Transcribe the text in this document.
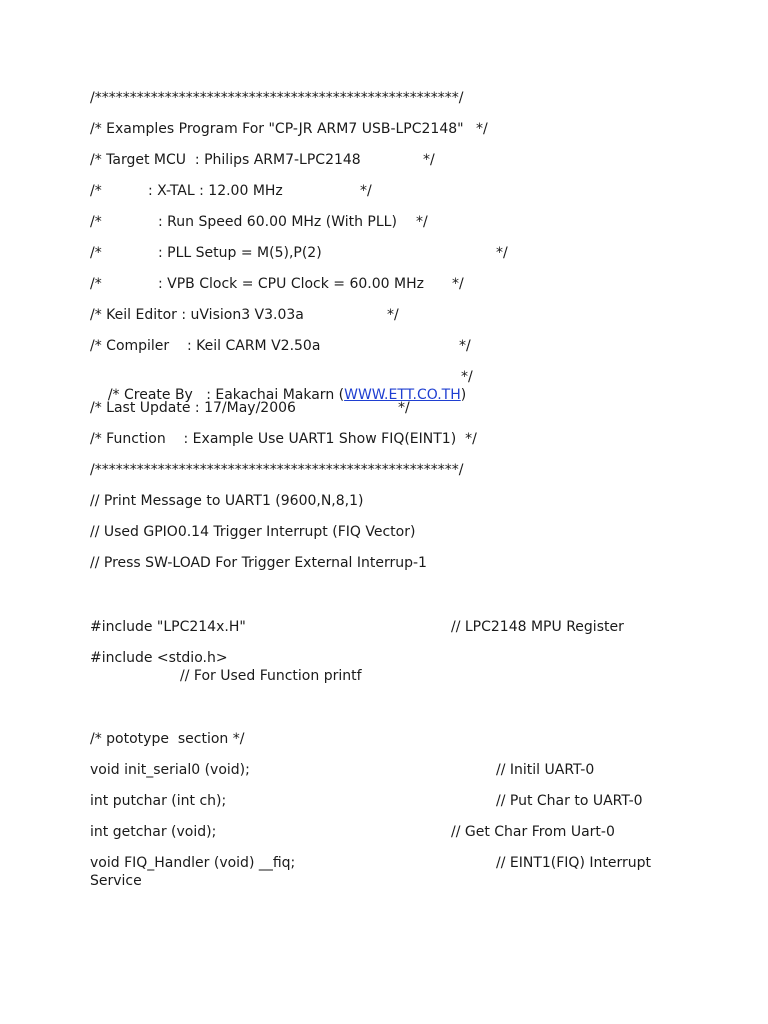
/****************************************************/

/* Examples Program For "CP-JR ARM7 USB-LPC2148"

*/

/* Target MCU  : Philips ARM7-LPC2148

	*/

/*

	: X-TAL : 12.00 MHz

	*/

/*

	: Run Speed 60.00 MHz (With PLL)

*/

/*

	: PLL Setup = M(5),P(2)

	*/

/*

	: VPB Clock = CPU Clock = 60.00 MHz

*/

/* Keil Editor : uVision3 V3.03a

	*/

/* Compiler    : Keil CARM V2.50a

	*/

/* Create By   : Eakachai Makarn (WWW.ETT.CO.TH)

*/

/* Last Update : 17/May/2006

	*/

/* Function    : Example Use UART1 Show FIQ(EINT1)  */
/****************************************************/
// Print Message to UART1 (9600,N,8,1)
// Used GPIO0.14 Trigger Interrupt (FIQ Vector)
// Press SW-LOAD For Trigger External Interrup-1

#include "LPC214x.H"

	// LPC2148 MPU Register

#include <stdio.h>
// For Used Function printf
/* pototype  section */

void init_serial0 (void);

	// Initil UART-0

int putchar (int ch);

	// Put Char to UART-0

int getchar (void);

	// Get Char From Uart-0

void FIQ_Handler (void) __fiq;

	// EINT1(FIQ) Interrupt

Service
